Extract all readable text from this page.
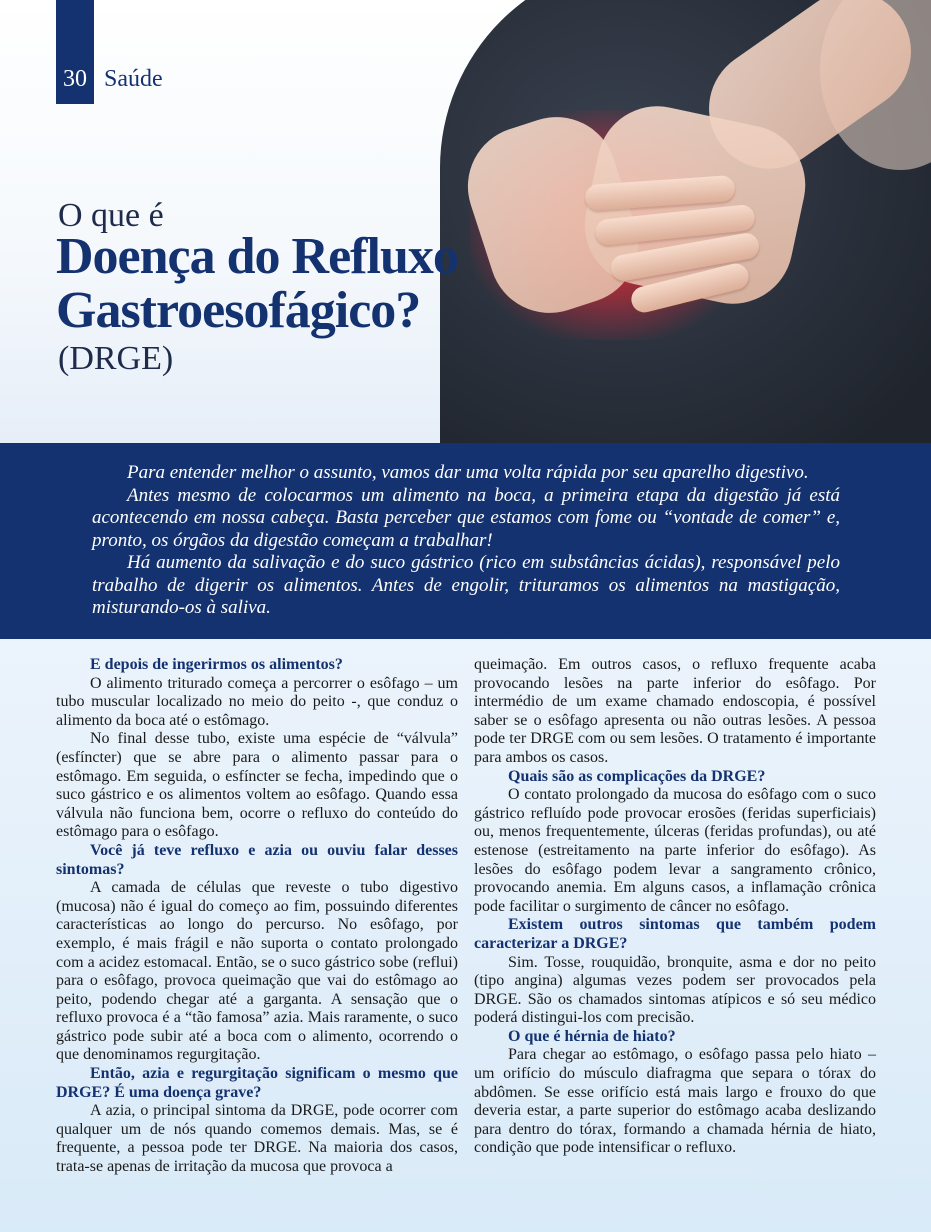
30 Saúde
O que é
Doença do Refluxo
Gastroesofágico?
(DRGE)

Para entender melhor o assunto, vamos dar uma volta rápida por seu aparelho digestivo.

Antes mesmo de colocarmos um alimento na boca, a primeira etapa da digestão já está acontecendo em nossa cabeça. Basta perceber que estamos com fome ou “vontade de comer” e, pronto, os órgãos da digestão começam a trabalhar!

Há aumento da salivação e do suco gástrico (rico em substâncias ácidas), responsável pelo trabalho de digerir os alimentos. Antes de engolir, trituramos os alimentos na mastigação, misturando-os à saliva.

E depois de ingerirmos os alimentos?

O alimento triturado começa a percorrer o esôfago – um tubo muscular localizado no meio do peito -, que conduz o alimento da boca até o estômago.

No final desse tubo, existe uma espécie de “válvula” (esfíncter) que se abre para o alimento passar para o estômago. Em seguida, o esfíncter se fecha, impedindo que o suco gástrico e os alimentos voltem ao esôfago. Quando essa válvula não funciona bem, ocorre o refluxo do conteúdo do estômago para o esôfago.

Você já teve refluxo e azia ou ouviu falar desses sintomas?

A camada de células que reveste o tubo digestivo (mucosa) não é igual do começo ao fim, possuindo diferentes características ao longo do percurso. No esôfago, por exemplo, é mais frágil e não suporta o contato prolongado com a acidez estomacal. Então, se o suco gástrico sobe (reflui) para o esôfago, provoca queimação que vai do estômago ao peito, podendo chegar até a garganta. A sensação que o refluxo provoca é a “tão famosa” azia. Mais raramente, o suco gástrico pode subir até a boca com o alimento, ocorrendo o que denominamos regurgitação.

Então, azia e regurgitação significam o mesmo que DRGE? É uma doença grave?

A azia, o principal sintoma da DRGE, pode ocorrer com qualquer um de nós quando comemos demais. Mas, se é frequente, a pessoa pode ter DRGE. Na maioria dos casos, trata-se apenas de irritação da mucosa que provoca a

queimação. Em outros casos, o refluxo frequente acaba provocando lesões na parte inferior do esôfago. Por intermédio de um exame chamado endoscopia, é possível saber se o esôfago apresenta ou não outras lesões. A pessoa pode ter DRGE com ou sem lesões. O tratamento é importante para ambos os casos.

Quais são as complicações da DRGE?

O contato prolongado da mucosa do esôfago com o suco gástrico refluído pode provocar erosões (feridas superficiais) ou, menos frequentemente, úlceras (feridas profundas), ou até estenose (estreitamento na parte inferior do esôfago). As lesões do esôfago podem levar a sangramento crônico, provocando anemia. Em alguns casos, a inflamação crônica pode facilitar o surgimento de câncer no esôfago.

Existem outros sintomas que também podem caracterizar a DRGE?

Sim. Tosse, rouquidão, bronquite, asma e dor no peito (tipo angina) algumas vezes podem ser provocados pela DRGE. São os chamados sintomas atípicos e só seu médico poderá distingui-los com precisão.

O que é hérnia de hiato?

Para chegar ao estômago, o esôfago passa pelo hiato – um orifício do músculo diafragma que separa o tórax do abdômen. Se esse orifício está mais largo e frouxo do que deveria estar, a parte superior do estômago acaba deslizando para dentro do tórax, formando a chamada hérnia de hiato, condição que pode intensificar o refluxo.
